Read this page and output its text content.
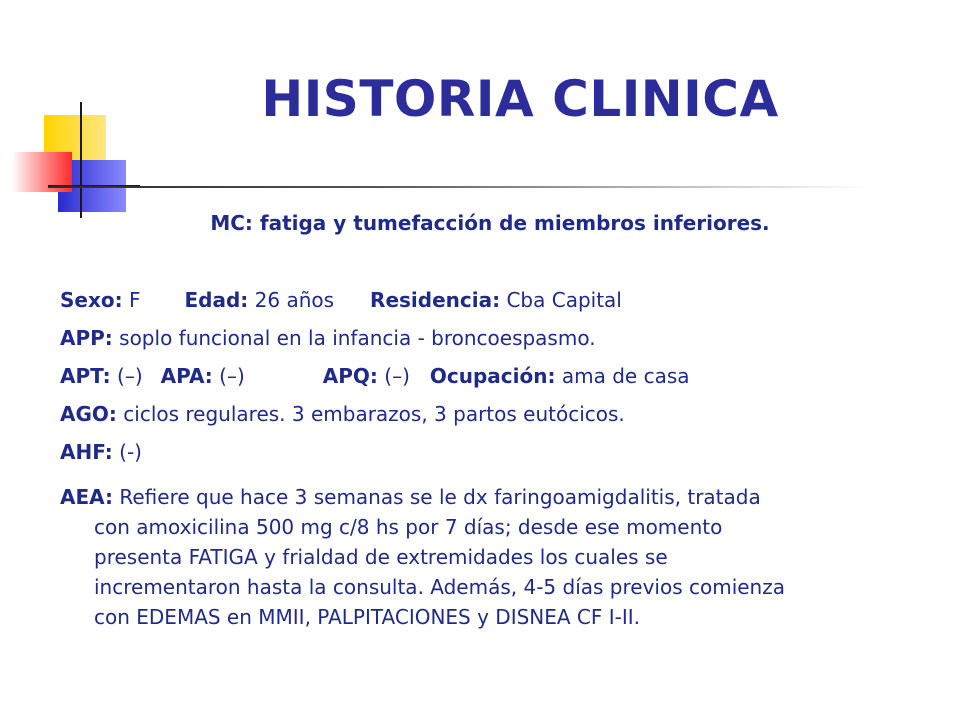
HISTORIA CLINICA
MC: fatiga y tumefacción de miembros inferiores.
Sexo: F Edad: 26 años Residencia: Cba Capital
APP: soplo funcional en la infancia - broncoespasmo.
APT: (–) APA: (–)	APQ: (–) Ocupación: ama de casa
AGO: ciclos regulares. 3 embarazos, 3 partos eutócicos.
AHF: (-)
AEA: Refiere que hace 3 semanas se le dx faringoamigdalitis, tratada
con amoxicilina 500 mg c/8 hs por 7 días; desde ese momento
presenta FATIGA y frialdad de extremidades los cuales se
incrementaron hasta la consulta. Además, 4-5 días previos comienza
con EDEMAS en MMII, PALPITACIONES y DISNEA CF I-II.
